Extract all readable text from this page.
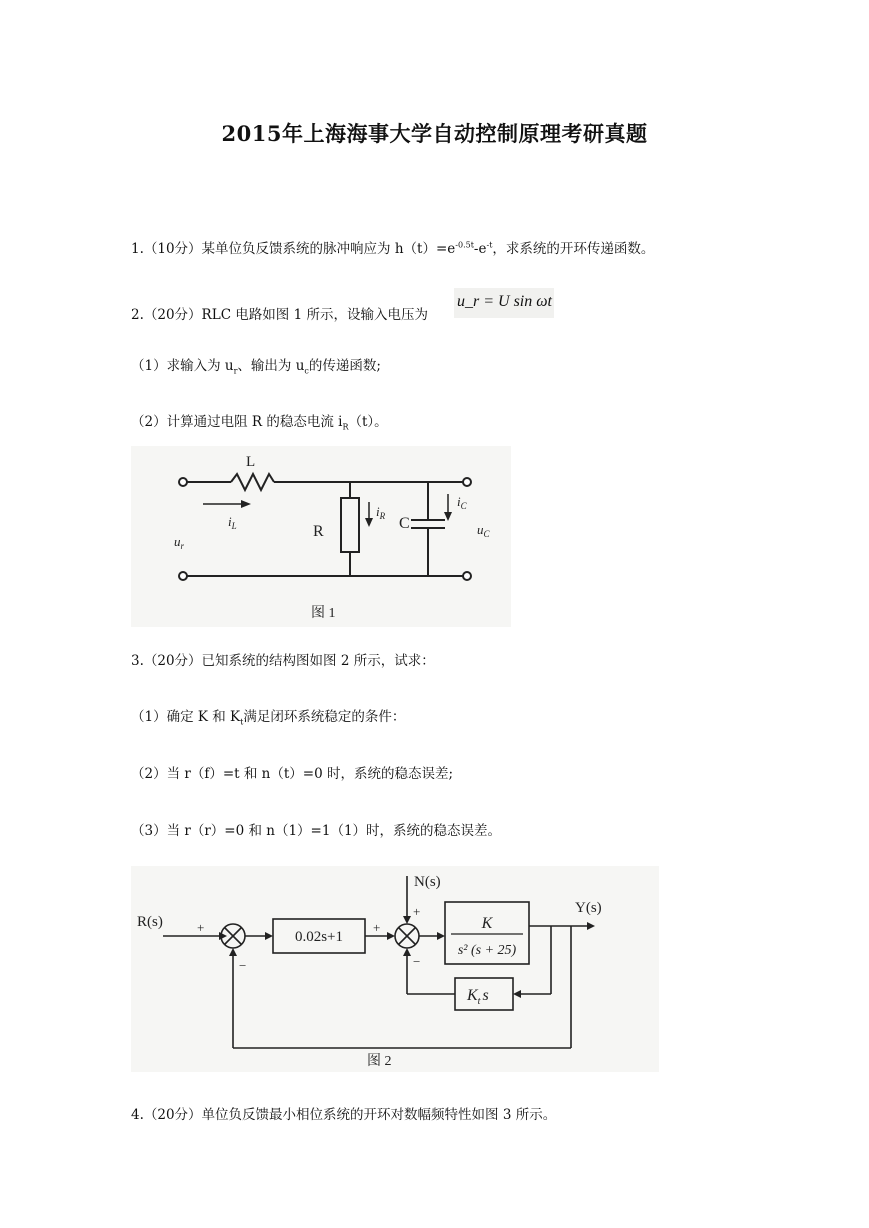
2015年上海海事大学自动控制原理考研真题
1.（10分）某单位负反馈系统的脉冲响应为 $h(t)=e^{-0.5t}-e^{-t}$，求系统的开环传递函数。
2.（20分）RLC 电路如图 1 所示，设输入电压为
u_r = U sin ωt
（1）求输入为 $u_r$、输出为 $u_c$的传递函数;
（2）计算通过电阻 R 的稳态电流 $i_R(t)$。
L
R	C
$i_L$
$i_R$
$i_C$
$u_r$
$u_C$
图 1
3.（20分）已知系统的结构图如图 2 所示，试求：
（1）确定 K 和 $K_t$满足闭环系统稳定的条件：
（2）当 r（f）=t 和 n（t）=0 时，系统的稳态误差;
（3）当 r（r）=0 和 n（1）=1（1）时，系统的稳态误差。
R(s)
N(s)
Y(s)
+
−
+
+
−
0.02s+1
K
s² (s + 25)
$K_t$ s
图 2
4.（20分）单位负反馈最小相位系统的开环对数幅频特性如图 3 所示。
